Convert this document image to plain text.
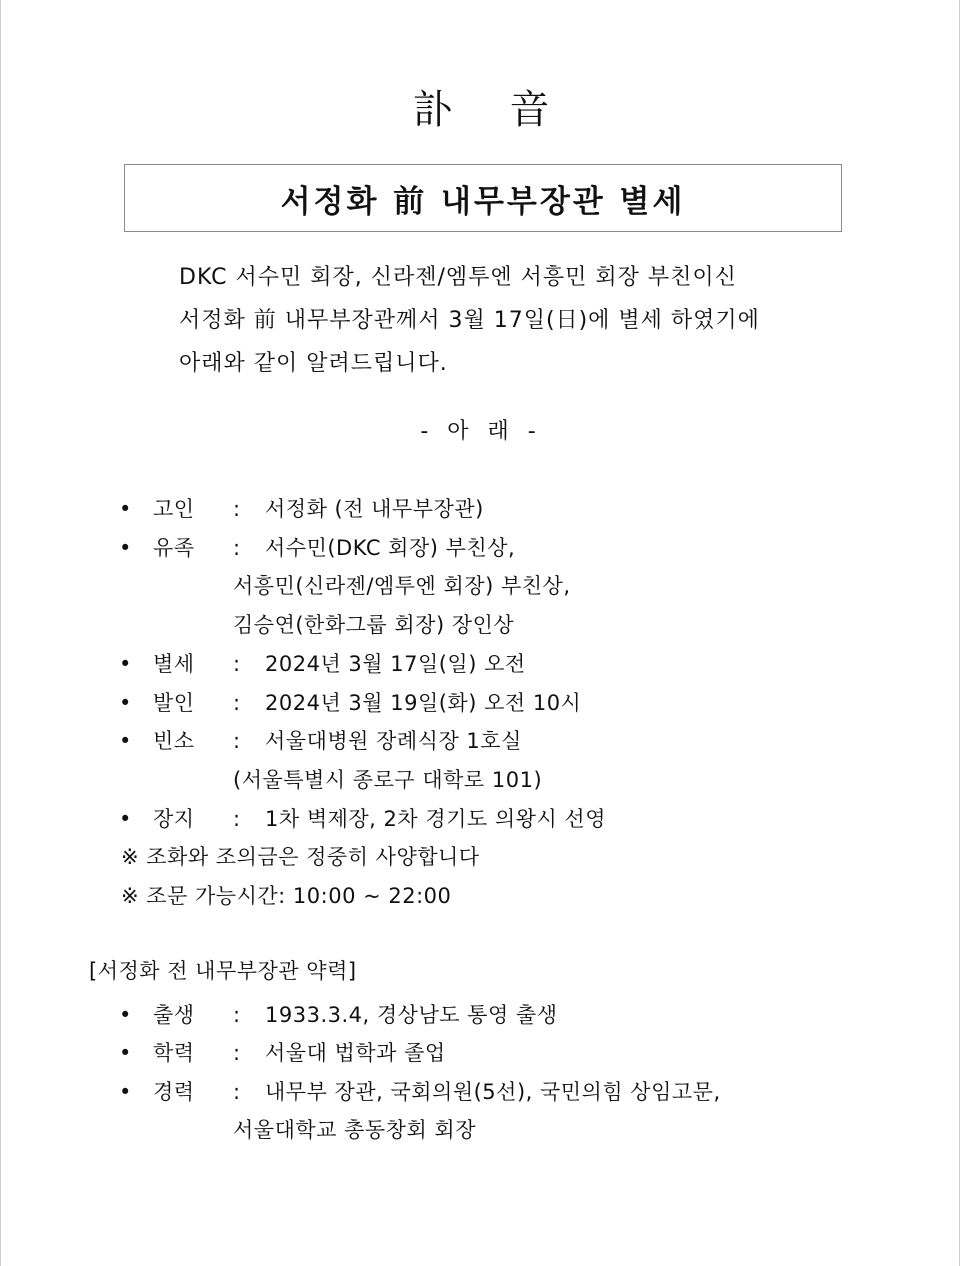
訃 音
서정화 前 내무부장관 별세
DKC 서수민 회장, 신라젠/엠투엔 서흥민 회장 부친이신
서정화 前 내무부장관께서 3월 17일(日)에 별세 하였기에
아래와 같이 알려드립니다.
- 아 래 -
•	고인	:	서정화 (전 내무부장관)
•	유족	:	서수민(DKC 회장) 부친상,
서흥민(신라젠/엠투엔 회장) 부친상,
김승연(한화그룹 회장) 장인상
•	별세	:	2024년 3월 17일(일) 오전
•	발인	:	2024년 3월 19일(화) 오전 10시
•	빈소	:	서울대병원 장례식장 1호실
(서울특별시 종로구 대학로 101)
•	장지	:	1차 벽제장, 2차 경기도 의왕시 선영
※ 조화와 조의금은 정중히 사양합니다
※ 조문 가능시간: 10:00 ~ 22:00
[서정화 전 내무부장관 약력]
•	출생	:	1933.3.4, 경상남도 통영 출생
•	학력	:	서울대 법학과 졸업
•	경력	:	내무부 장관, 국회의원(5선), 국민의힘 상임고문,
서울대학교 총동창회 회장
